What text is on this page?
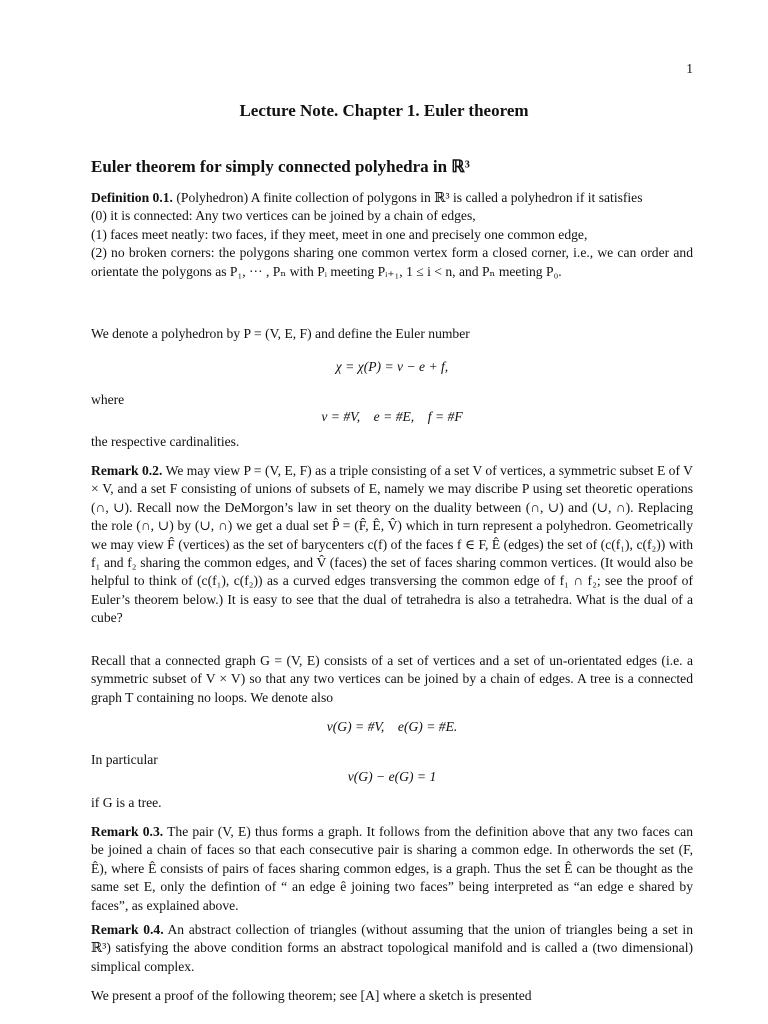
1
Lecture Note. Chapter 1. Euler theorem
Euler theorem for simply connected polyhedra in ℝ³
Definition 0.1. (Polyhedron) A finite collection of polygons in ℝ³ is called a polyhedron if it satisfies
(0) it is connected: Any two vertices can be joined by a chain of edges,
(1) faces meet neatly: two faces, if they meet, meet in one and precisely one common edge,
(2) no broken corners: the polygons sharing one common vertex form a closed corner, i.e., we can order and orientate the polygons as P₁, ··· , Pₙ with Pᵢ meeting Pᵢ₊₁, 1 ≤ i < n, and Pₙ meeting P₀.
We denote a polyhedron by P = (V, E, F) and define the Euler number
χ = χ(P) = v − e + f,
where
v = #V,    e = #E,    f = #F
the respective cardinalities.
Remark 0.2. We may view P = (V, E, F) as a triple consisting of a set V of vertices, a symmetric subset E of V × V, and a set F consisting of unions of subsets of E, namely we may discribe P using set theoretic operations (∩, ∪). Recall now the DeMorgon’s law in set theory on the duality between (∩, ∪) and (∪, ∩). Replacing the role (∩, ∪) by (∪, ∩) we get a dual set P̂ = (F̂, Ê, V̂) which in turn represent a polyhedron. Geometrically we may view F̂ (vertices) as the set of barycenters c(f) of the faces f ∈ F, Ê (edges) the set of (c(f₁), c(f₂)) with f₁ and f₂ sharing the common edges, and V̂ (faces) the set of faces sharing common vertices. (It would also be helpful to think of (c(f₁), c(f₂)) as a curved edges transversing the common edge of f₁ ∩ f₂; see the proof of Euler’s theorem below.) It is easy to see that the dual of tetrahedra is also a tetrahedra. What is the dual of a cube?
Recall that a connected graph G = (V, E) consists of a set of vertices and a set of un-orientated edges (i.e. a symmetric subset of V × V) so that any two vertices can be joined by a chain of edges. A tree is a connected graph T containing no loops. We denote also
v(G) = #V,    e(G) = #E.
In particular
v(G) − e(G) = 1
if G is a tree.
Remark 0.3. The pair (V, E) thus forms a graph. It follows from the definition above that any two faces can be joined a chain of faces so that each consecutive pair is sharing a common edge. In otherwords the set (F, Ê), where Ê consists of pairs of faces sharing common edges, is a graph. Thus the set Ê can be thought as the same set E, only the defintion of “ an edge ê joining two faces” being interpreted as “an edge e shared by faces”, as explained above.
Remark 0.4. An abstract collection of triangles (without assuming that the union of triangles being a set in ℝ³) satisfying the above condition forms an abstract topological manifold and is called a (two dimensional) simplical complex.
We present a proof of the following theorem; see [A] where a sketch is presented
